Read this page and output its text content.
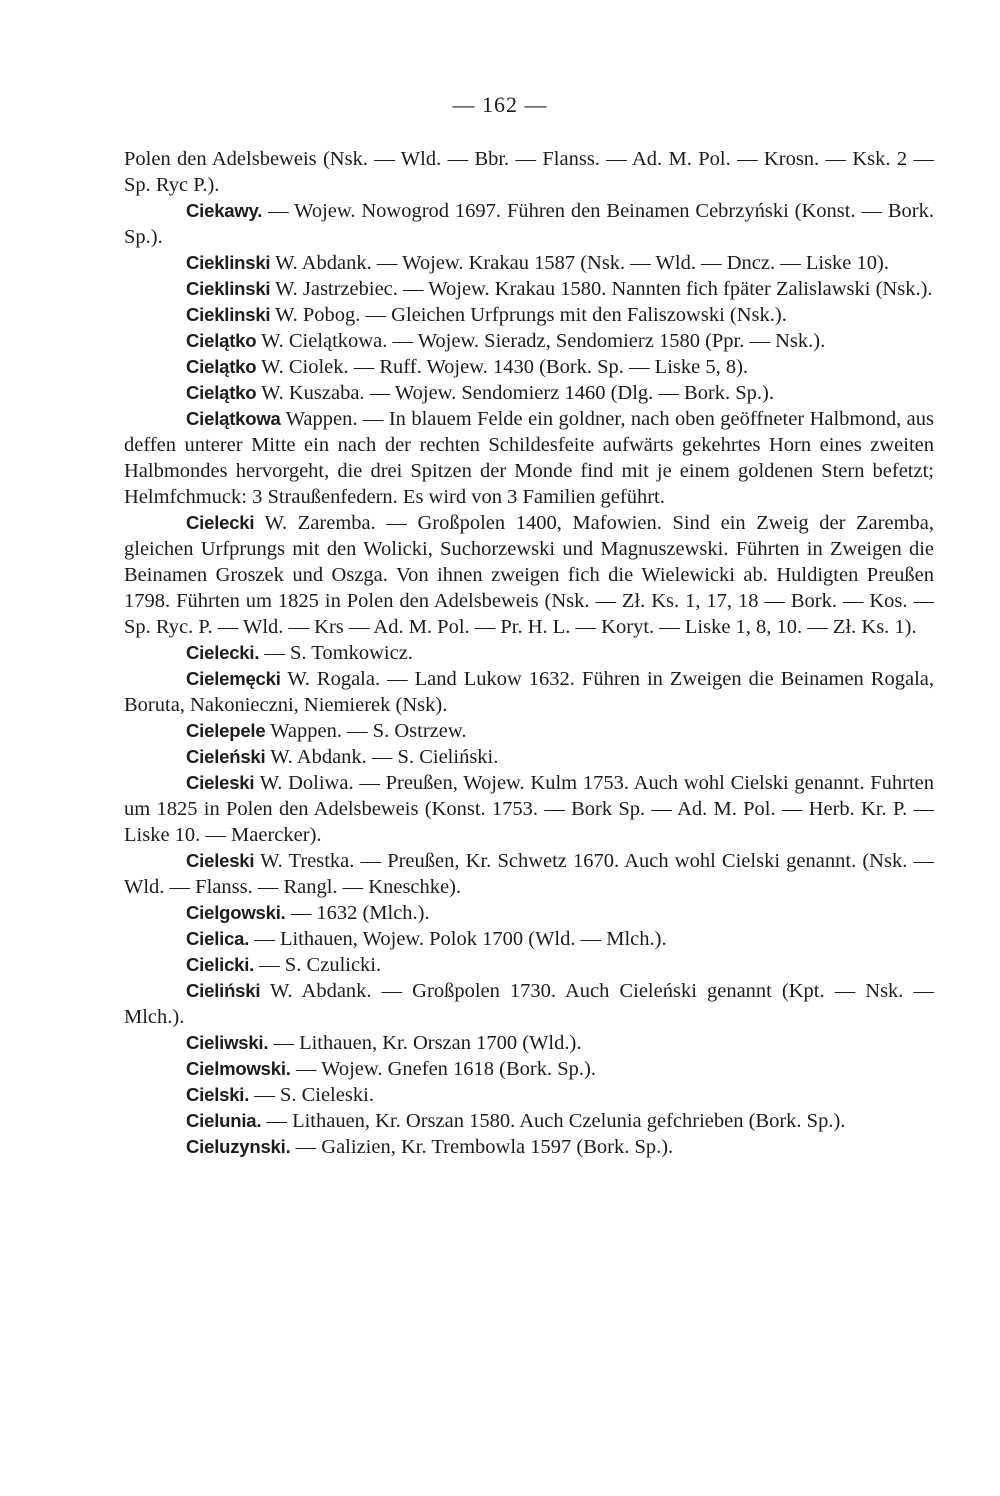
— 162 —

Polen den Adelsbeweis (Nsk. — Wld. — Bbr. — Flanss. — Ad. M. Pol. — Krosn. — Ksk. 2 — Sp. Ryc P.).

Ciekawy. — Wojew. Nowogrod 1697. Führen den Beinamen Cebrzyński (Konst. — Bork. Sp.).

Cieklinski W. Abdank. — Wojew. Krakau 1587 (Nsk. — Wld. — Dncz. — Liske 10).

Cieklinski W. Jastrzebiec. — Wojew. Krakau 1580. Nannten fich fpäter Zalislawski (Nsk.).

Cieklinski W. Pobog. — Gleichen Urfprungs mit den Faliszowski (Nsk.).

Cielątko W. Cielątkowa. — Wojew. Sieradz, Sendomierz 1580 (Ppr. — Nsk.).

Cielątko W. Ciolek. — Ruff. Wojew. 1430 (Bork. Sp. — Liske 5, 8).

Cielątko W. Kuszaba. — Wojew. Sendomierz 1460 (Dlg. — Bork. Sp.).

Cielątkowa Wappen. — In blauem Felde ein goldner, nach oben geöffneter Halbmond, aus deffen unterer Mitte ein nach der rechten Schildesfeite aufwärts gekehrtes Horn eines zweiten Halbmondes hervorgeht, die drei Spitzen der Monde find mit je einem goldenen Stern befetzt; Helmfchmuck: 3 Straußenfedern. Es wird von 3 Familien geführt.

Cielecki W. Zaremba. — Großpolen 1400, Mafowien. Sind ein Zweig der Zaremba, gleichen Urfprungs mit den Wolicki, Suchorzewski und Magnuszewski. Führten in Zweigen die Beinamen Groszek und Oszga. Von ihnen zweigen fich die Wielewicki ab. Huldigten Preußen 1798. Führten um 1825 in Polen den Adelsbeweis (Nsk. — Zł. Ks. 1, 17, 18 — Bork. — Kos. — Sp. Ryc. P. — Wld. — Krs — Ad. M. Pol. — Pr. H. L. — Koryt. — Liske 1, 8, 10. — Zł. Ks. 1).

Cielecki. — S. Tomkowicz.

Cielemęcki W. Rogala. — Land Lukow 1632. Führen in Zweigen die Beinamen Rogala, Boruta, Nakonieczni, Niemierek (Nsk).

Cielepele Wappen. — S. Ostrzew.

Cieleński W. Abdank. — S. Cieliński.

Cieleski W. Doliwa. — Preußen, Wojew. Kulm 1753. Auch wohl Cielski genannt. Fuhrten um 1825 in Polen den Adelsbeweis (Konst. 1753. — Bork Sp. — Ad. M. Pol. — Herb. Kr. P. — Liske 10. — Maercker).

Cieleski W. Trestka. — Preußen, Kr. Schwetz 1670. Auch wohl Cielski genannt. (Nsk. — Wld. — Flanss. — Rangl. — Kneschke).

Cielgowski. — 1632 (Mlch.).

Cielica. — Lithauen, Wojew. Polok 1700 (Wld. — Mlch.).

Cielicki. — S. Czulicki.

Cieliński W. Abdank. — Großpolen 1730. Auch Cieleński genannt (Kpt. — Nsk. — Mlch.).

Cieliwski. — Lithauen, Kr. Orszan 1700 (Wld.).

Cielmowski. — Wojew. Gnefen 1618 (Bork. Sp.).

Cielski. — S. Cieleski.

Cielunia. — Lithauen, Kr. Orszan 1580. Auch Czelunia gefchrieben (Bork. Sp.).

Cieluzynski. — Galizien, Kr. Trembowla 1597 (Bork. Sp.).
